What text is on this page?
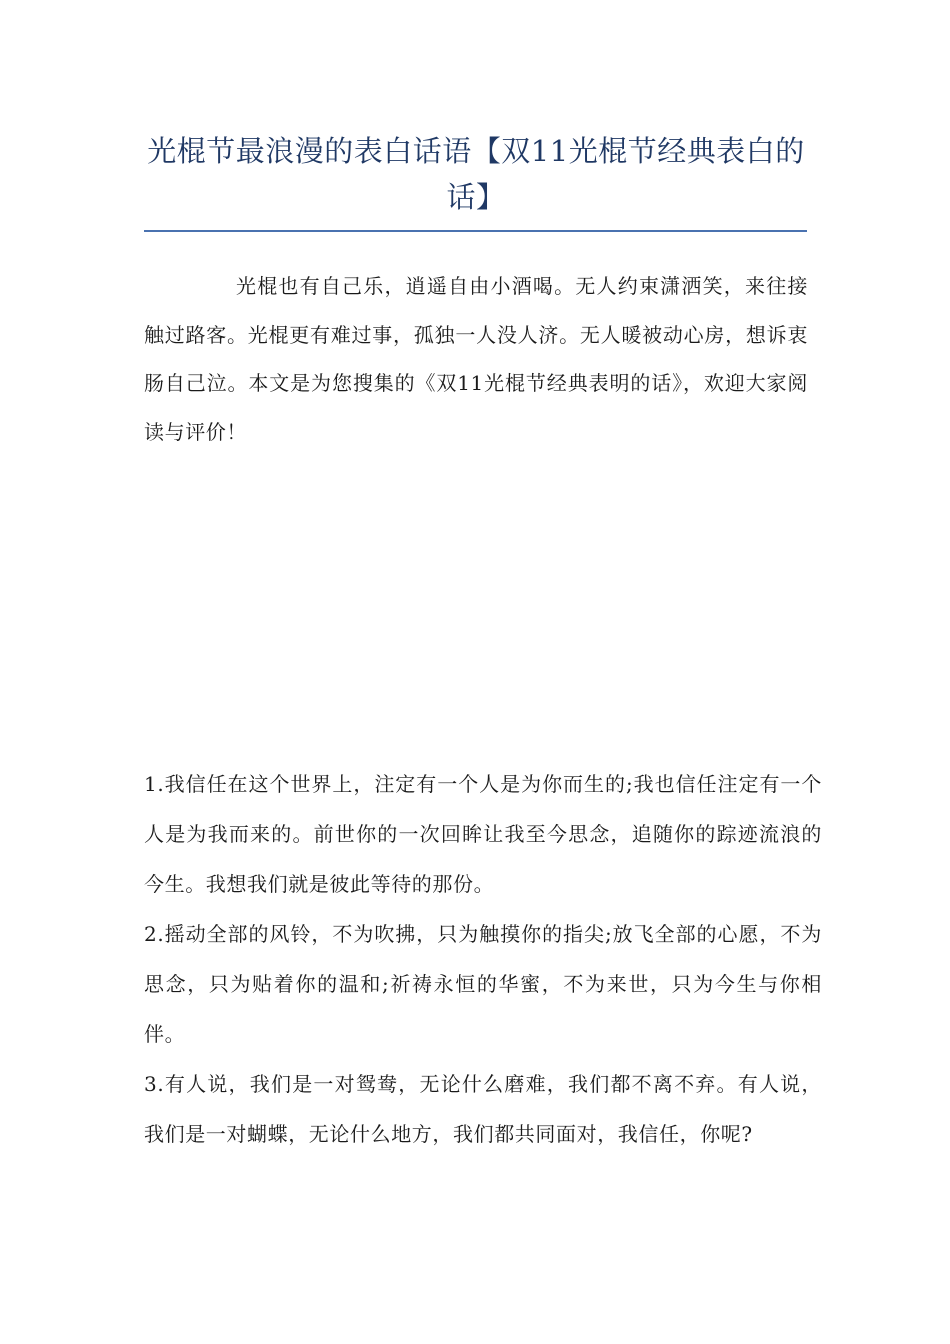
光棍节最浪漫的表白话语【双11光棍节经典表白的话】

光棍也有自己乐，逍遥自由小酒喝。无人约束潇洒笑，来往接触过路客。光棍更有难过事，孤独一人没人济。无人暖被动心房，想诉衷肠自己泣。本文是为您搜集的《双11光棍节经典表明的话》，欢迎大家阅读与评价！

1.我信任在这个世界上，注定有一个人是为你而生的;我也信任注定有一个人是为我而来的。前世你的一次回眸让我至今思念，追随你的踪迹流浪的今生。我想我们就是彼此等待的那份。

2.摇动全部的风铃，不为吹拂，只为触摸你的指尖;放飞全部的心愿，不为思念，只为贴着你的温和;祈祷永恒的华蜜，不为来世，只为今生与你相伴。

3.有人说，我们是一对鸳鸯，无论什么磨难，我们都不离不弃。有人说，我们是一对蝴蝶，无论什么地方，我们都共同面对，我信任，你呢?
